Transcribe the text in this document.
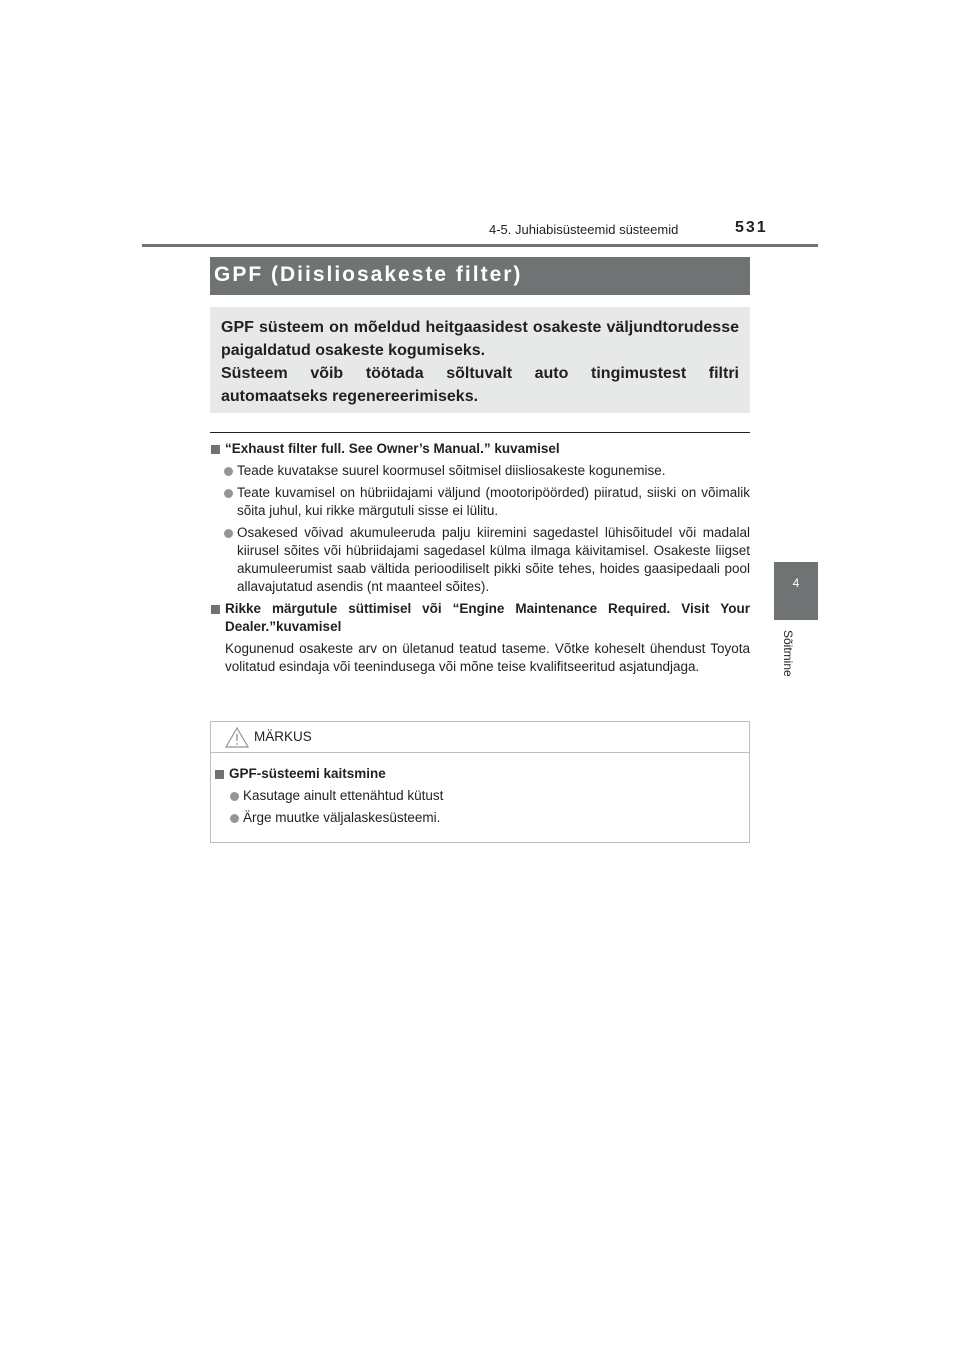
4-5. Juhiabisüsteemid süsteemid	531
4
Sõitmine
GPF (Diisliosakeste filter)

GPF süsteem on mõeldud heitgaasidest osakeste väljundtorudesse paigaldatud osakeste kogumiseks.

Süsteem võib töötada sõltuvalt auto tingimustest filtri automaatseks regenereerimiseks.

“Exhaust filter full. See Owner’s Manual.” kuvamisel
Teade kuvatakse suurel koormusel sõitmisel diisliosakeste kogunemise.
Teate kuvamisel on hübriidajami väljund (mootoripöörded) piiratud, siiski on võimalik sõita juhul, kui rikke märgutuli sisse ei lülitu.
Osakesed võivad akumuleeruda palju kiiremini sagedastel lühisõitudel või madalal kiirusel sõites või hübriidajami sagedasel külma ilmaga käivitamisel. Osakeste liigset akumuleerumist saab vältida perioodiliselt pikki sõite tehes, hoides gaasipedaali pool allavajutatud asendis (nt maanteel sõites).
Rikke märgutule süttimisel või “Engine Maintenance Required. Visit Your Dealer.”kuvamisel
Kogunenud osakeste arv on ületanud teatud taseme. Võtke koheselt ühendust Toyota volitatud esindaja või teenindusega või mõne teise kvalifitseeritud asjatundjaga.
MÄRKUS
GPF-süsteemi kaitsmine
Kasutage ainult ettenähtud kütust
Ärge muutke väljalaskesüsteemi.
